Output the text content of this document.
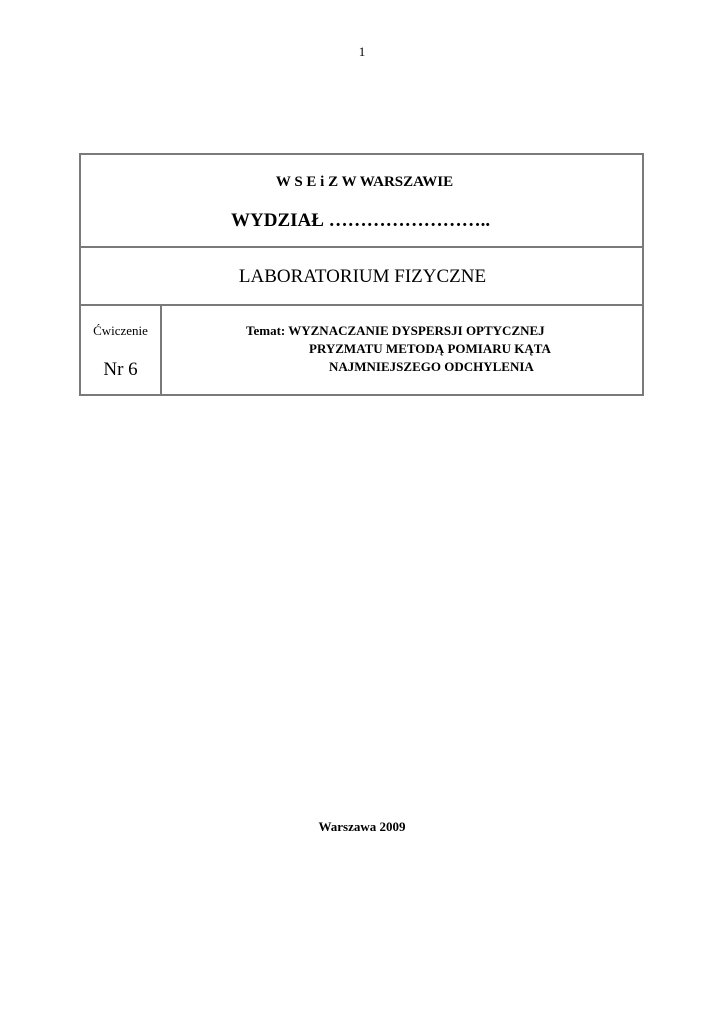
1
W S E i Z W WARSZAWIE
WYDZIAŁ ……………………..
LABORATORIUM FIZYCZNE
Ćwiczenie
Nr 6
Temat: WYZNACZANIE DYSPERSJI OPTYCZNEJ
PRYZMATU METODĄ POMIARU KĄTA
NAJMNIEJSZEGO ODCHYLENIA
Warszawa 2009
